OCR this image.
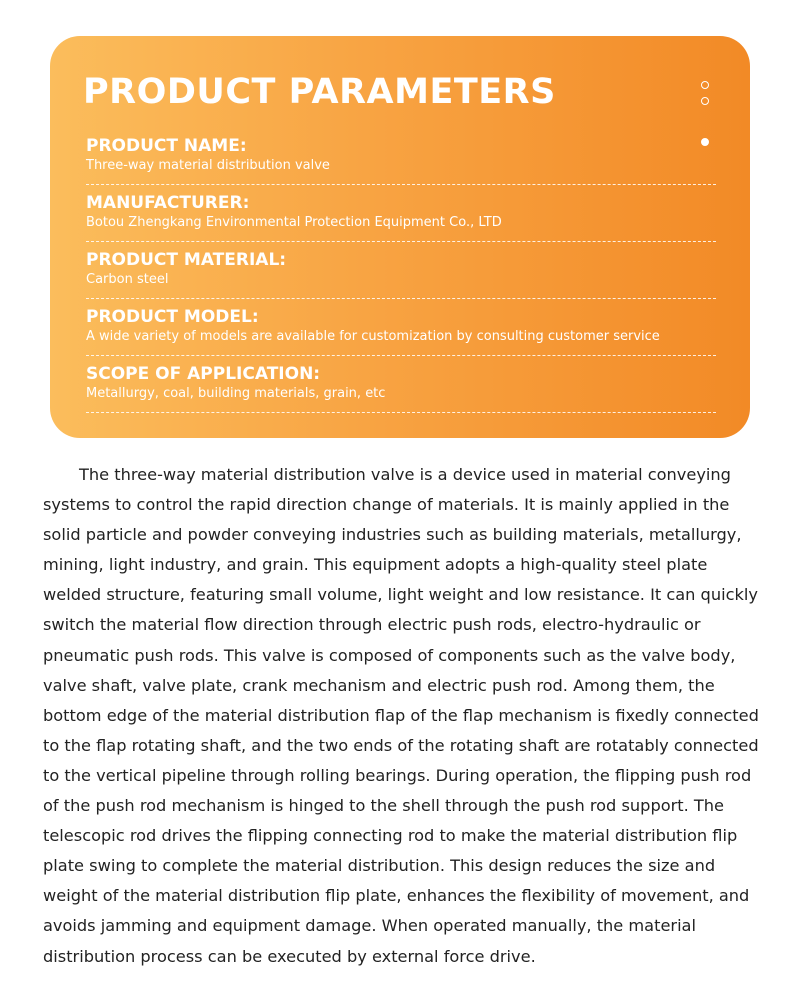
PRODUCT PARAMETERS
PRODUCT NAME:
Three-way material distribution valve
MANUFACTURER:
Botou Zhengkang Environmental Protection Equipment Co., LTD
PRODUCT MATERIAL:
Carbon steel
PRODUCT MODEL:
A wide variety of models are available for customization by consulting customer service
SCOPE OF APPLICATION:
Metallurgy, coal, building materials, grain, etc

The three-way material distribution valve is a device used in material conveying systems to control the rapid direction change of materials. It is mainly applied in the solid particle and powder conveying industries such as building materials, metallurgy, mining, light industry, and grain. This equipment adopts a high-quality steel plate welded structure, featuring small volume, light weight and low resistance. It can quickly switch the material flow direction through electric push rods, electro-hydraulic or pneumatic push rods. This valve is composed of components such as the valve body, valve shaft, valve plate, crank mechanism and electric push rod. Among them, the bottom edge of the material distribution flap of the flap mechanism is fixedly connected to the flap rotating shaft, and the two ends of the rotating shaft are rotatably connected to the vertical pipeline through rolling bearings. During operation, the flipping push rod of the push rod mechanism is hinged to the shell through the push rod support. The telescopic rod drives the flipping connecting rod to make the material distribution flip plate swing to complete the material distribution. This design reduces the size and weight of the material distribution flip plate, enhances the flexibility of movement, and avoids jamming and equipment damage. When operated manually, the material distribution process can be executed by external force drive.
